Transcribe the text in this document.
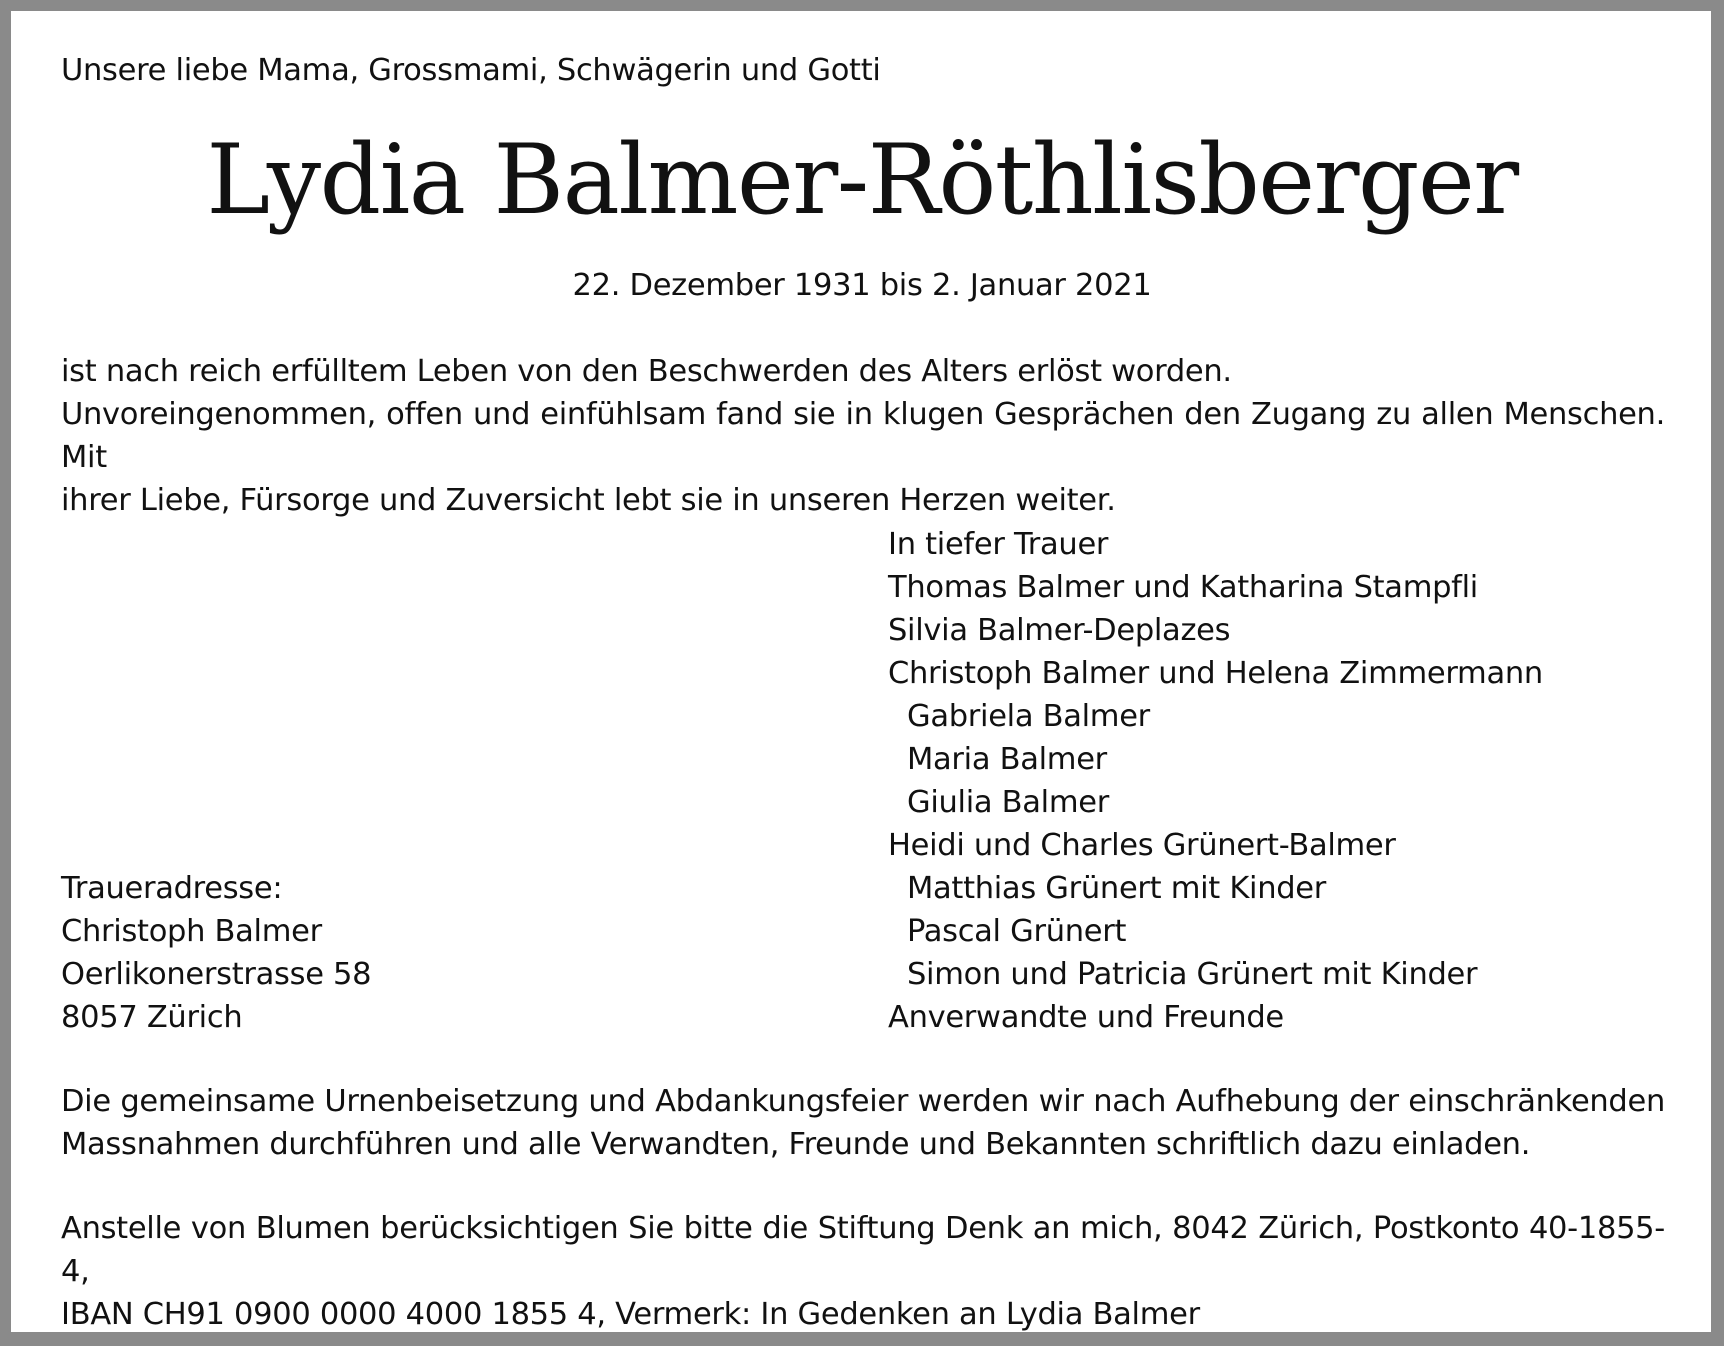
Unsere liebe Mama, Grossmami, Schwägerin und Gotti
Lydia Balmer-Röthlisberger
22. Dezember 1931 bis 2. Januar 2021
ist nach reich erfülltem Leben von den Beschwerden des Alters erlöst worden.
Unvoreingenommen, offen und einfühlsam fand sie in klugen Gesprächen den Zugang zu allen Menschen. Mit
ihrer Liebe, Fürsorge und Zuversicht lebt sie in unseren Herzen weiter.
In tiefer Trauer
Thomas Balmer und Katharina Stampfli
Silvia Balmer-Deplazes
Christoph Balmer und Helena Zimmermann
Gabriela Balmer
Maria Balmer
Giulia Balmer
Heidi und Charles Grünert-Balmer
Matthias Grünert mit Kinder
Pascal Grünert
Simon und Patricia Grünert mit Kinder
Anverwandte und Freunde
Traueradresse:
Christoph Balmer
Oerlikonerstrasse 58
8057 Zürich
Die gemeinsame Urnenbeisetzung und Abdankungsfeier werden wir nach Aufhebung der einschränkenden
Massnahmen durchführen und alle Verwandten, Freunde und Bekannten schriftlich dazu einladen.
Anstelle von Blumen berücksichtigen Sie bitte die Stiftung Denk an mich, 8042 Zürich, Postkonto 40-1855-4,
IBAN CH91 0900 0000 4000 1855 4, Vermerk: In Gedenken an Lydia Balmer
